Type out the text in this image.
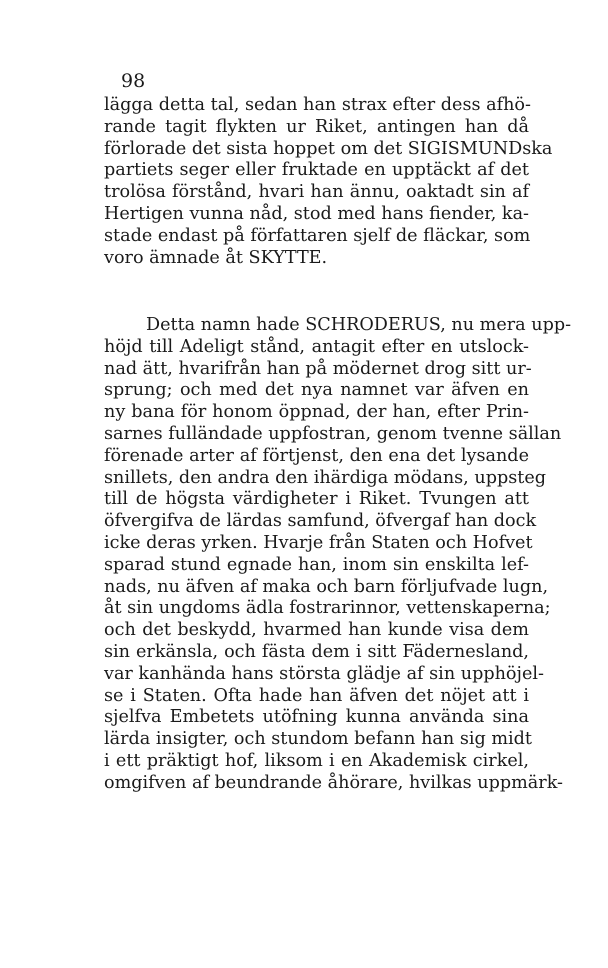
98
lägga detta tal, sedan han strax efter dess afhö-
rande tagit flykten ur Riket, antingen han då
förlorade det sista hoppet om det SIGISMUNDska
partiets seger eller fruktade en upptäckt af det
trolösa förstånd, hvari han ännu, oaktadt sin af
Hertigen vunna nåd, stod med hans fiender, ka-
stade endast på författaren sjelf de fläckar, som
voro ämnade åt SKYTTE.
Detta namn hade SCHRODERUS, nu mera upp-
höjd till Adeligt stånd, antagit efter en utslock-
nad ätt, hvarifrån han på mödernet drog sitt ur-
sprung; och med det nya namnet var äfven en
ny bana för honom öppnad, der han, efter Prin-
sarnes fulländade uppfostran, genom tvenne sällan
förenade arter af förtjenst, den ena det lysande
snillets, den andra den ihärdiga mödans, uppsteg
till de högsta värdigheter i Riket. Tvungen att
öfvergifva de lärdas samfund, öfvergaf han dock
icke deras yrken. Hvarje från Staten och Hofvet
sparad stund egnade han, inom sin enskilta lef-
nads, nu äfven af maka och barn förljufvade lugn,
åt sin ungdoms ädla fostrarinnor, vettenskaperna;
och det beskydd, hvarmed han kunde visa dem
sin erkänsla, och fästa dem i sitt Fädernesland,
var kanhända hans största glädje af sin upphöjel-
se i Staten. Ofta hade han äfven det nöjet att i
sjelfva Embetets utöfning kunna använda sina
lärda insigter, och stundom befann han sig midt
i ett präktigt hof, liksom i en Akademisk cirkel,
omgifven af beundrande åhörare, hvilkas uppmärk-
